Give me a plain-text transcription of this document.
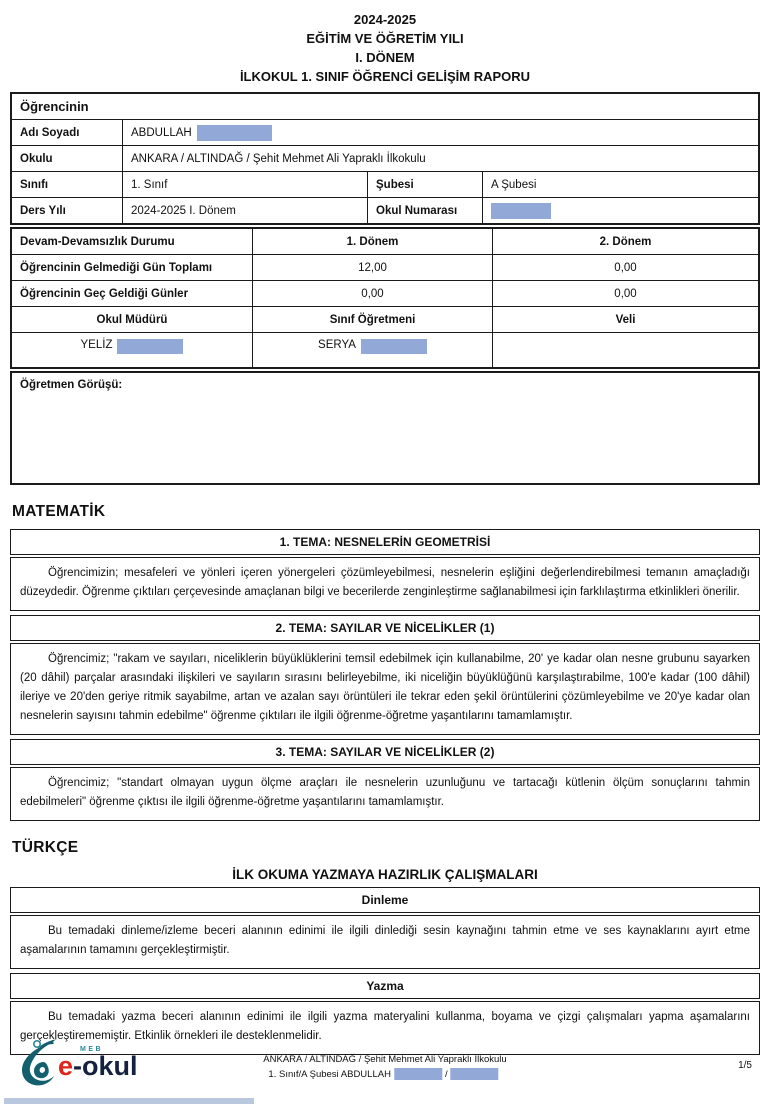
2024-2025
EĞİTİM VE ÖĞRETİM YILI
I. DÖNEM
İLKOKUL 1. SINIF ÖĞRENCİ GELİŞİM RAPORU
Öğrencinin
Adı Soyadı	ABDULLAH
Okulu	ANKARA / ALTINDAĞ / Şehit Mehmet Ali Yapraklı İlkokulu
Sınıfı	1. Sınıf	Şubesi	A Şubesi
Ders Yılı	2024-2025 I. Dönem	Okul Numarası
Devam-Devamsızlık Durumu	1. Dönem	2. Dönem
Öğrencinin Gelmediği Gün Toplamı	12,00	0,00
Öğrencinin Geç Geldiği Günler	0,00	0,00
Okul Müdürü	Sınıf Öğretmeni	Veli
YELİZ	SERYA
Öğretmen Görüşü:
MATEMATİK
1. TEMA: NESNELERİN GEOMETRİSİ

Öğrencimizin; mesafeleri ve yönleri içeren yönergeleri çözümleyebilmesi, nesnelerin eşliğini değerlendirebilmesi temanın amaçladığı düzeydedir. Öğrenme çıktıları çerçevesinde amaçlanan bilgi ve becerilerde zenginleştirme sağlanabilmesi için farklılaştırma etkinlikleri önerilir.

2. TEMA: SAYILAR VE NİCELİKLER (1)

Öğrencimiz; "rakam ve sayıları, niceliklerin büyüklüklerini temsil edebilmek için kullanabilme, 20' ye kadar olan nesne grubunu sayarken (20 dâhil) parçalar arasındaki ilişkileri ve sayıların sırasını belirleyebilme, iki niceliğin büyüklüğünü karşılaştırabilme, 100'e kadar (100 dâhil) ileriye ve 20'den geriye ritmik sayabilme, artan ve azalan sayı örüntüleri ile tekrar eden şekil örüntülerini çözümleyebilme ve 20'ye kadar olan nesnelerin sayısını tahmin edebilme" öğrenme çıktıları ile ilgili öğrenme-öğretme yaşantılarını tamamlamıştır.

3. TEMA: SAYILAR VE NİCELİKLER (2)

Öğrencimiz; "standart olmayan uygun ölçme araçları ile nesnelerin uzunluğunu ve tartacağı kütlenin ölçüm sonuçlarını tahmin edebilmeleri" öğrenme çıktısı ile ilgili öğrenme-öğretme yaşantılarını tamamlamıştır.

TÜRKÇE
İLK OKUMA YAZMAYA HAZIRLIK ÇALIŞMALARI
Dinleme

Bu temadaki dinleme/izleme beceri alanının edinimi ile ilgili dinlediği sesin kaynağını tahmin etme ve ses kaynaklarını ayırt etme aşamalarının tamamını gerçekleştirmiştir.

Yazma

Bu temadaki yazma beceri alanının edinimi ile ilgili yazma materyalini kullanma, boyama ve çizgi çalışmaları yapma aşamalarını gerçekleştirememiştir. Etkinlik örnekleri ile desteklenmelidir.

MEB
e-okul	ANKARA / ALTINDAĞ / Şehit Mehmet Ali Yapraklı İlkokulu
1. Sınıf/A Şubesi ABDULLAH	/
1/5
